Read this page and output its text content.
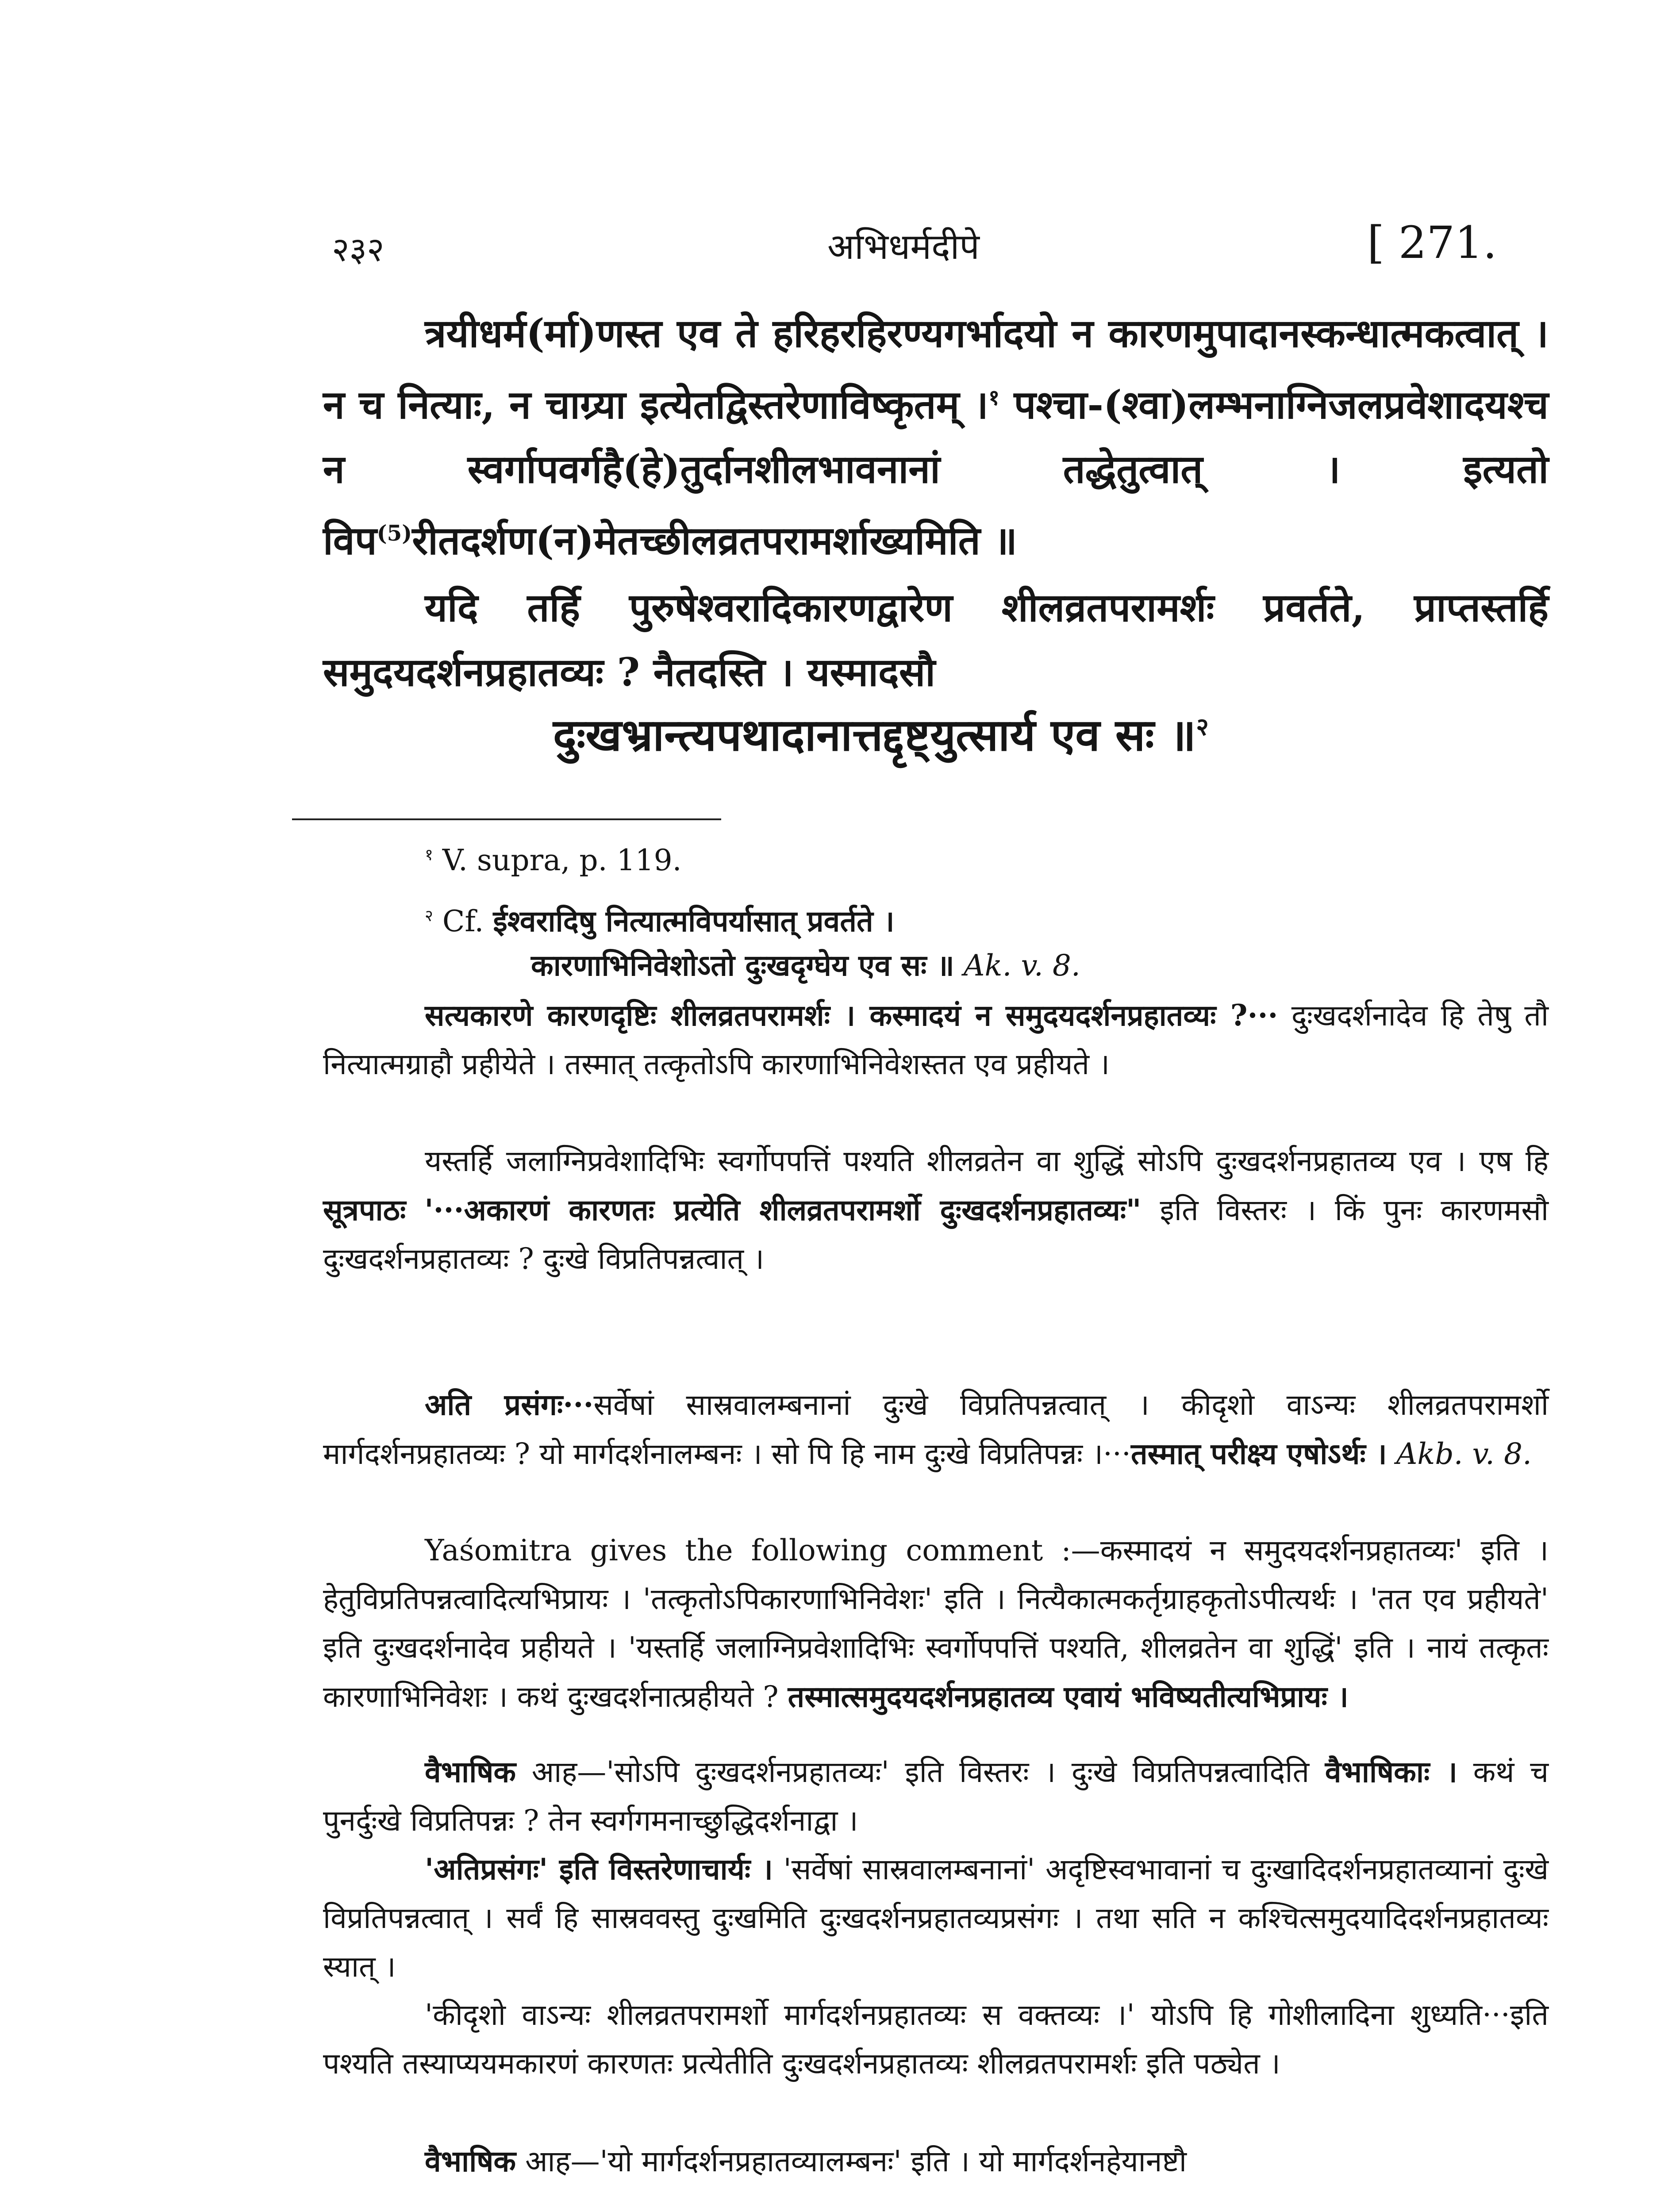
२३२	अभिधर्मदीपे	[ 271.

त्रयीधर्म(र्मा)णस्त एव ते हरिहरहिरण्यगर्भादयो न कारणमुपादानस्कन्धात्मकत्वात् । न च नित्याः, न चाग्र्या इत्येतद्विस्तरेणाविष्कृतम् ।$^१$ पश्चा-(श्वा)लम्भनाग्निजलप्रवेशादयश्च न स्वर्गापवर्गहै(हे)तुर्दानशीलभावनानां तद्धेतुत्वात् । इत्यतो विप$^{(5)}$रीतदर्शण(न)मेतच्छीलव्रतपरामर्शाख्यमिति ॥

यदि तर्हि पुरुषेश्वरादिकारणद्वारेण शीलव्रतपरामर्शः प्रवर्तते, प्राप्तस्तर्हि समुदयदर्शनप्रहातव्यः ? नैतदस्ति । यस्मादसौ

दुःखभ्रान्त्यपथादानात्तद्दृष्ट्युत्सार्य एव सः ॥$^२$
$^१$ V. supra, p. 119.
$^२$ Cf. ईश्वरादिषु नित्यात्मविपर्यासात् प्रवर्तते ।
कारणाभिनिवेशोऽतो दुःखदृग्घेय एव सः ॥ Ak. v. 8.

सत्यकारणे कारणदृष्टिः शीलव्रतपरामर्शः । कस्मादयं न समुदयदर्शनप्रहातव्यः ?··· दुःखदर्शनादेव हि तेषु तौ नित्यात्मग्राहौ प्रहीयेते । तस्मात् तत्कृतोऽपि कारणाभिनिवेशस्तत एव प्रहीयते ।

यस्तर्हि जलाग्निप्रवेशादिभिः स्वर्गोपपत्तिं पश्यति शीलव्रतेन वा शुद्धिं सोऽपि दुःखदर्शनप्रहातव्य एव । एष हि सूत्रपाठः '···अकारणं कारणतः प्रत्येति शीलव्रतपरामर्शो दुःखदर्शनप्रहातव्यः" इति विस्तरः । किं पुनः कारणमसौ दुःखदर्शनप्रहातव्यः ? दुःखे विप्रतिपन्नत्वात् ।

अति प्रसंगः···सर्वेषां सास्रवालम्बनानां दुःखे विप्रतिपन्नत्वात् । कीदृशो वाऽन्यः शीलव्रतपरामर्शो मार्गदर्शनप्रहातव्यः ? यो मार्गदर्शनालम्बनः । सो पि हि नाम दुःखे विप्रतिपन्नः ।···तस्मात् परीक्ष्य एषोऽर्थः । Akb. v. 8.

Yaśomitra gives the following comment :—कस्मादयं न समुदयदर्शनप्रहातव्यः' इति । हेतुविप्रतिपन्नत्वादित्यभिप्रायः । 'तत्कृतोऽपिकारणाभिनिवेशः' इति । नित्यैकात्मकर्तृग्राहकृतोऽपीत्यर्थः । 'तत एव प्रहीयते' इति दुःखदर्शनादेव प्रहीयते । 'यस्तर्हि जलाग्निप्रवेशादिभिः स्वर्गोपपत्तिं पश्यति, शीलव्रतेन वा शुद्धिं' इति । नायं तत्कृतः कारणाभिनिवेशः । कथं दुःखदर्शनात्प्रहीयते ? तस्मात्समुदयदर्शनप्रहातव्य एवायं भविष्यतीत्यभिप्रायः ।

वैभाषिक आह—'सोऽपि दुःखदर्शनप्रहातव्यः' इति विस्तरः । दुःखे विप्रतिपन्नत्वादिति वैभाषिकाः । कथं च पुनर्दुःखे विप्रतिपन्नः ? तेन स्वर्गगमनाच्छुद्धिदर्शनाद्वा ।

'अतिप्रसंगः' इति विस्तरेणाचार्यः । 'सर्वेषां सास्रवालम्बनानां' अदृष्टिस्वभावानां च दुःखादिदर्शनप्रहातव्यानां दुःखे विप्रतिपन्नत्वात् । सर्वं हि सास्रववस्तु दुःखमिति दुःखदर्शनप्रहातव्यप्रसंगः । तथा सति न कश्चित्समुदयादिदर्शनप्रहातव्यः स्यात् ।

'कीदृशो वाऽन्यः शीलव्रतपरामर्शो मार्गदर्शनप्रहातव्यः स वक्तव्यः ।' योऽपि हि गोशीलादिना शुध्यति···इति पश्यति तस्याप्ययमकारणं कारणतः प्रत्येतीति दुःखदर्शनप्रहातव्यः शीलव्रतपरामर्शः इति पठ्येत ।

वैभाषिक आह—'यो मार्गदर्शनप्रहातव्यालम्बनः' इति । यो मार्गदर्शनहेयानष्टौ
